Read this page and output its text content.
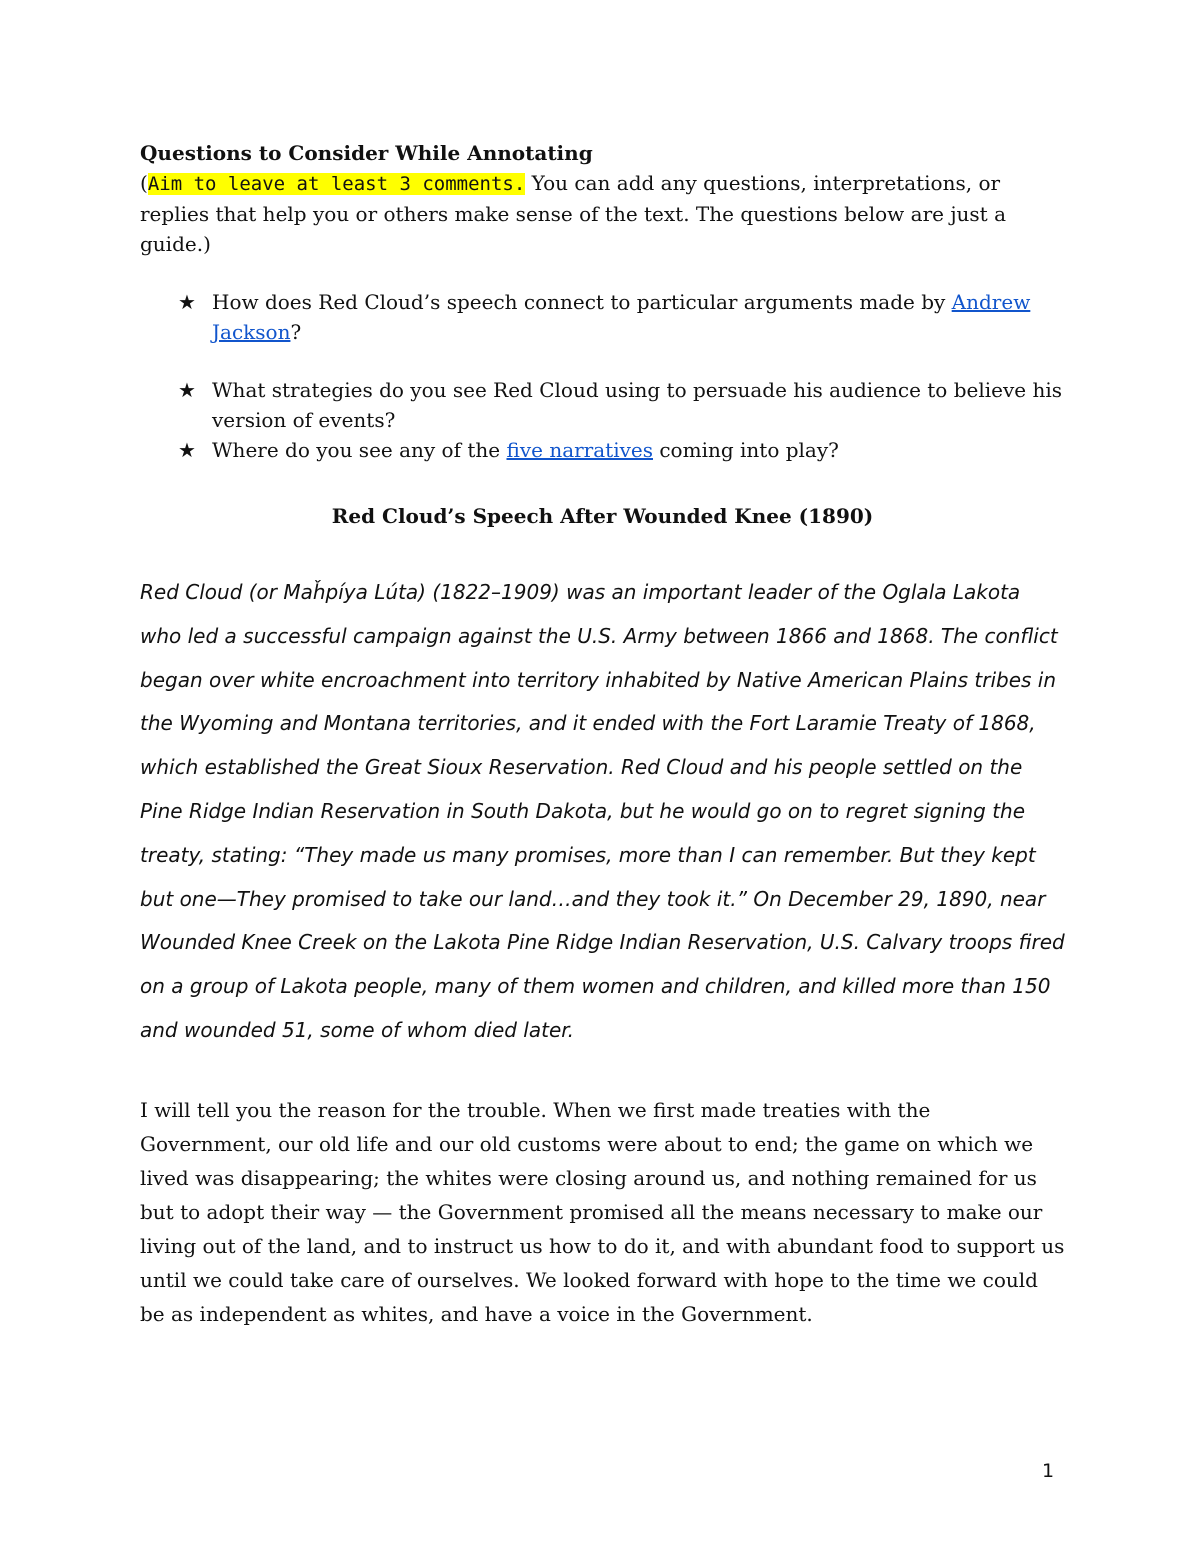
Questions to Consider While Annotating

(Aim to leave at least 3 comments. You can add any questions, interpretations, or replies that help you or others make sense of the text. The questions below are just a guide.)

★ How does Red Cloud’s speech connect to particular arguments made by Andrew Jackson?
★ What strategies do you see Red Cloud using to persuade his audience to believe his version of events?
★ Where do you see any of the five narratives coming into play?

Red Cloud’s Speech After Wounded Knee (1890)

Red Cloud (or Maȟpíya Lúta) (1822–1909) was an important leader of the Oglala Lakota who led a successful campaign against the U.S. Army between 1866 and 1868. The conflict began over white encroachment into territory inhabited by Native American Plains tribes in the Wyoming and Montana territories, and it ended with the Fort Laramie Treaty of 1868, which established the Great Sioux Reservation. Red Cloud and his people settled on the Pine Ridge Indian Reservation in South Dakota, but he would go on to regret signing the treaty, stating: “They made us many promises, more than I can remember. But they kept but one—They promised to take our land…and they took it.” On December 29, 1890, near Wounded Knee Creek on the Lakota Pine Ridge Indian Reservation, U.S. Calvary troops fired on a group of Lakota people, many of them women and children, and killed more than 150 and wounded 51, some of whom died later.

I will tell you the reason for the trouble. When we first made treaties with the Government, our old life and our old customs were about to end; the game on which we lived was disappearing; the whites were closing around us, and nothing remained for us but to adopt their way — the Government promised all the means necessary to make our living out of the land, and to instruct us how to do it, and with abundant food to support us until we could take care of ourselves. We looked forward with hope to the time we could be as independent as whites, and have a voice in the Government.

1
